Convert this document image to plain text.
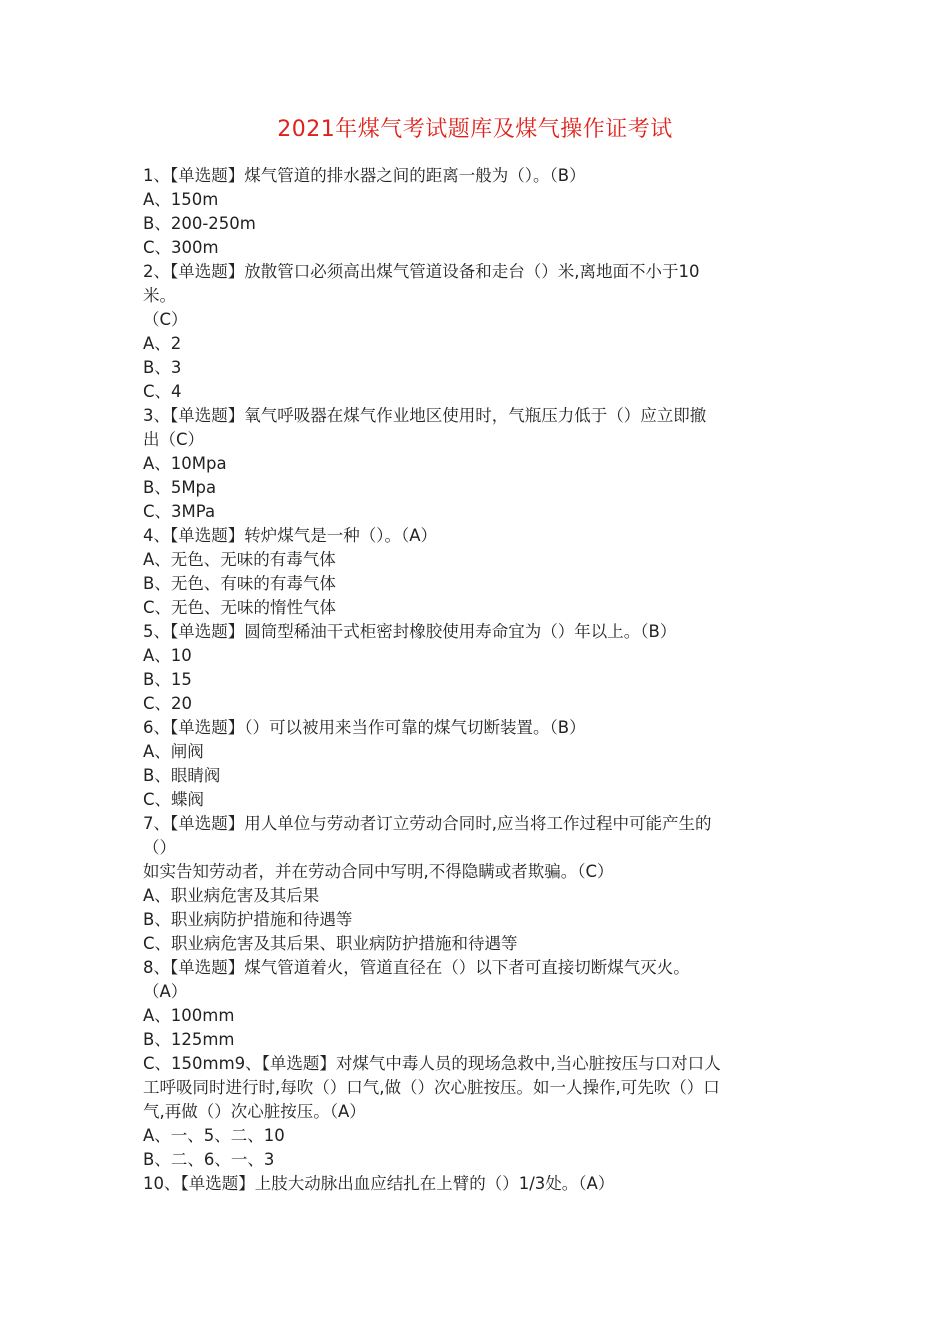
2021年煤气考试题库及煤气操作证考试
1、【单选题】煤气管道的排水器之间的距离一般为（）。（B）
A、150m
B、200-250m
C、300m
2、【单选题】放散管口必须高出煤气管道设备和走台（）米,离地面不小于10
米。
（C）
A、2
B、3
C、4
3、【单选题】氧气呼吸器在煤气作业地区使用时，气瓶压力低于（）应立即撤
出（C）
A、10Mpa
B、5Mpa
C、3MPa
4、【单选题】转炉煤气是一种（）。（A）
A、无色、无味的有毒气体
B、无色、有味的有毒气体
C、无色、无味的惰性气体
5、【单选题】圆筒型稀油干式柜密封橡胶使用寿命宜为（）年以上。（B）
A、10
B、15
C、20
6、【单选题】（）可以被用来当作可靠的煤气切断装置。（B）
A、闸阀
B、眼睛阀
C、蝶阀
7、【单选题】用人单位与劳动者订立劳动合同时,应当将工作过程中可能产生的
（）
如实告知劳动者，并在劳动合同中写明,不得隐瞒或者欺骗。（C）
A、职业病危害及其后果
B、职业病防护措施和待遇等
C、职业病危害及其后果、职业病防护措施和待遇等
8、【单选题】煤气管道着火，管道直径在（）以下者可直接切断煤气灭火。
（A）
A、100mm
B、125mm
C、150mm9、【单选题】对煤气中毒人员的现场急救中,当心脏按压与口对口人
工呼吸同时进行时,每吹（）口气,做（）次心脏按压。如一人操作,可先吹（）口
气,再做（）次心脏按压。（A）
A、一、5、二、10
B、二、6、一、3
10、【单选题】上肢大动脉出血应结扎在上臂的（）1/3处。（A）
